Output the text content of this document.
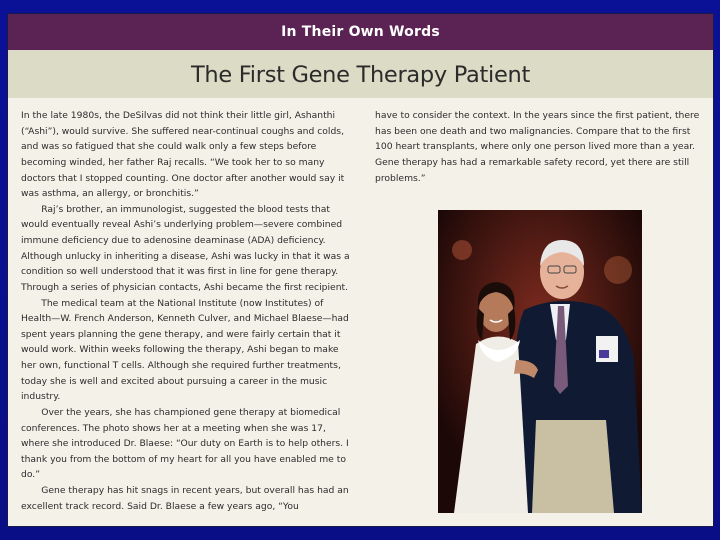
In Their Own Words
The First Gene Therapy Patient

In the late 1980s, the DeSilvas did not think their little girl, Ashanthi (“Ashi”), would survive. She suffered near-continual coughs and colds, and was so fatigued that she could walk only a few steps before becoming winded, her father Raj recalls. “We took her to so many doctors that I stopped counting. One doctor after another would say it was asthma, an allergy, or bronchitis.”

Raj’s brother, an immunologist, suggested the blood tests that would eventually reveal Ashi’s underlying problem—severe combined immune deficiency due to adenosine deaminase (ADA) deficiency. Although unlucky in inheriting a disease, Ashi was lucky in that it was a condition so well understood that it was first in line for gene therapy. Through a series of physician contacts, Ashi became the first recipient.

The medical team at the National Institute (now Institutes) of Health—W. French Anderson, Kenneth Culver, and Michael Blaese—had spent years planning the gene therapy, and were fairly certain that it would work. Within weeks following the therapy, Ashi began to make her own, functional T cells. Although she required further treatments, today she is well and excited about pursuing a career in the music industry.

Over the years, she has championed gene therapy at biomedical conferences. The photo shows her at a meeting when she was 17, where she introduced Dr. Blaese: “Our duty on Earth is to help others. I thank you from the bottom of my heart for all you have enabled me to do.”

Gene therapy has hit snags in recent years, but overall has had an excellent track record. Said Dr. Blaese a few years ago, “You

have to consider the context. In the years since the first patient, there has been one death and two malignancies. Compare that to the first 100 heart transplants, where only one person lived more than a year. Gene therapy has had a remarkable safety record, yet there are still problems.”
